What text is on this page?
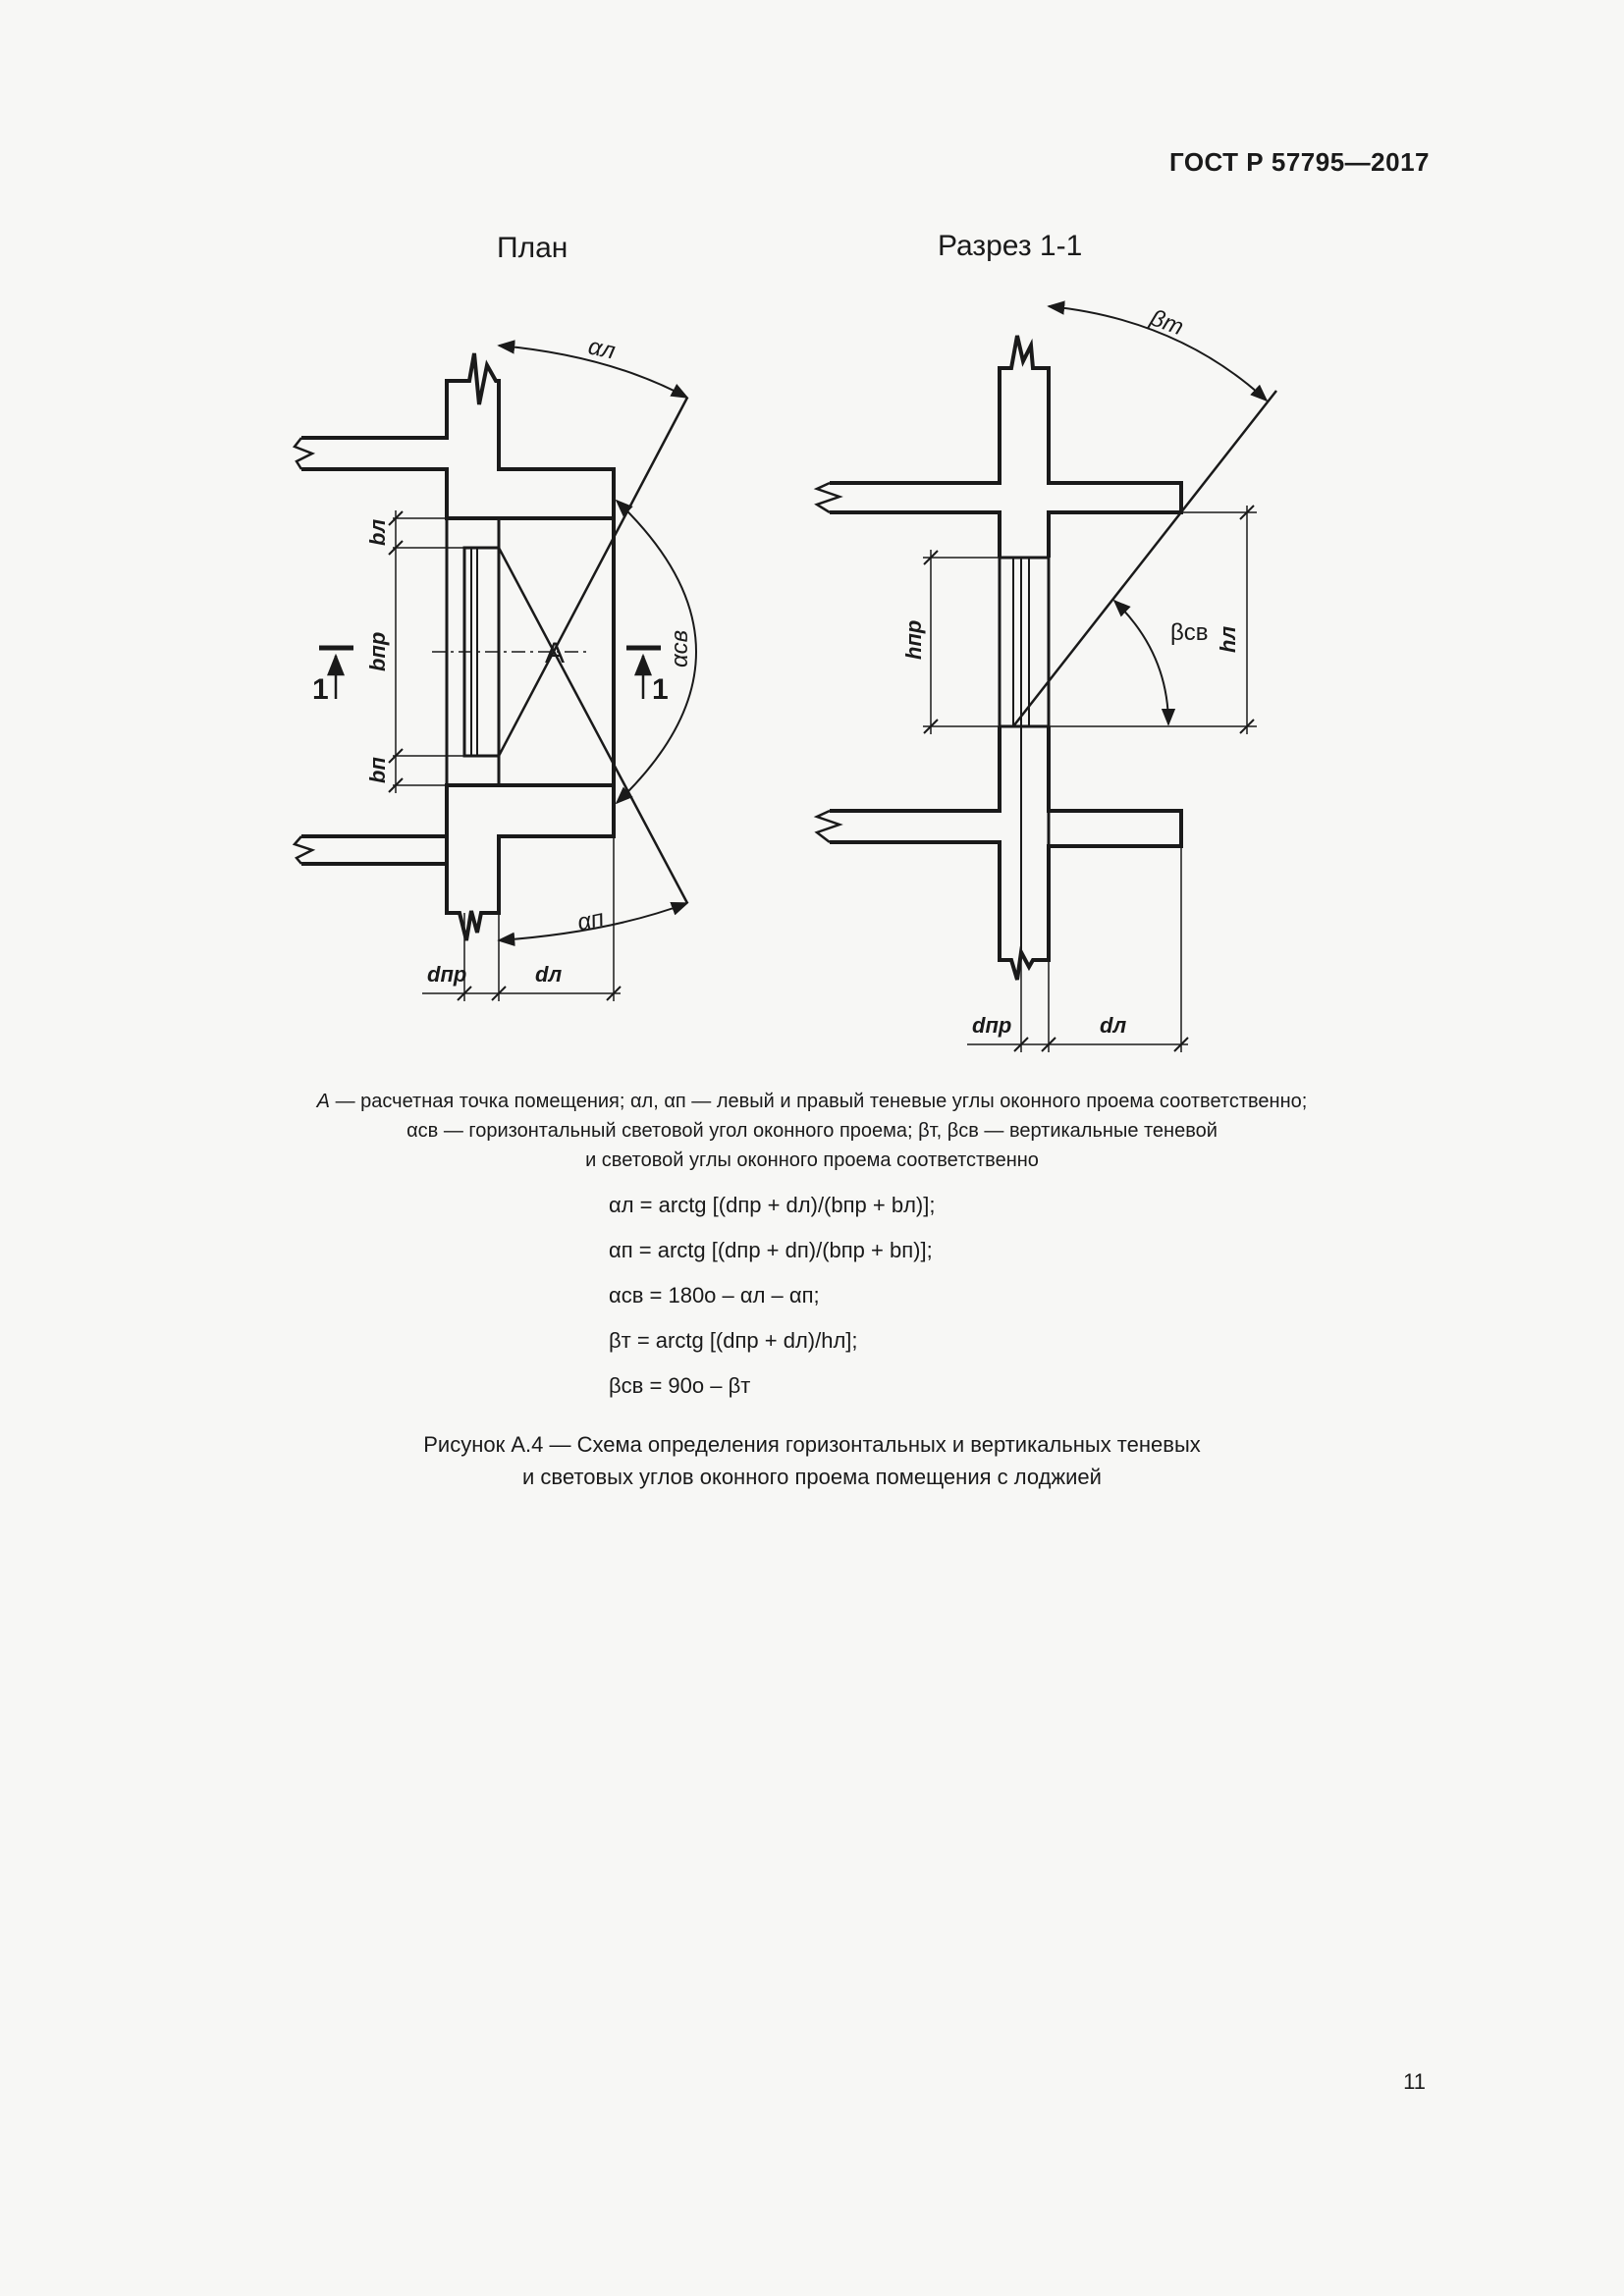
ГОСТ Р 57795—2017
План
αл
αсв
αп
bл
bпр
bп
А
1	1
dпр	dл
Разрез 1-1
βт
βсв hл
hпр
dпр	dл
А — расчетная точка помещения; αл, αп — левый и правый теневые углы оконного проема соответственно;
αсв — горизонтальный световой угол оконного проема; βт, βсв — вертикальные теневой
и световой углы оконного проема соответственно
αл = arctg [(dпр + dл)/(bпр + bл)];
αп = arctg [(dпр + dп)/(bпр + bп)];
αсв = 180о – αл – αп;
βт = arctg [(dпр + dл)/hл];
βсв = 90о – βт
Рисунок А.4 — Схема определения горизонтальных и вертикальных теневых
и световых углов оконного проема помещения с лоджией
11
